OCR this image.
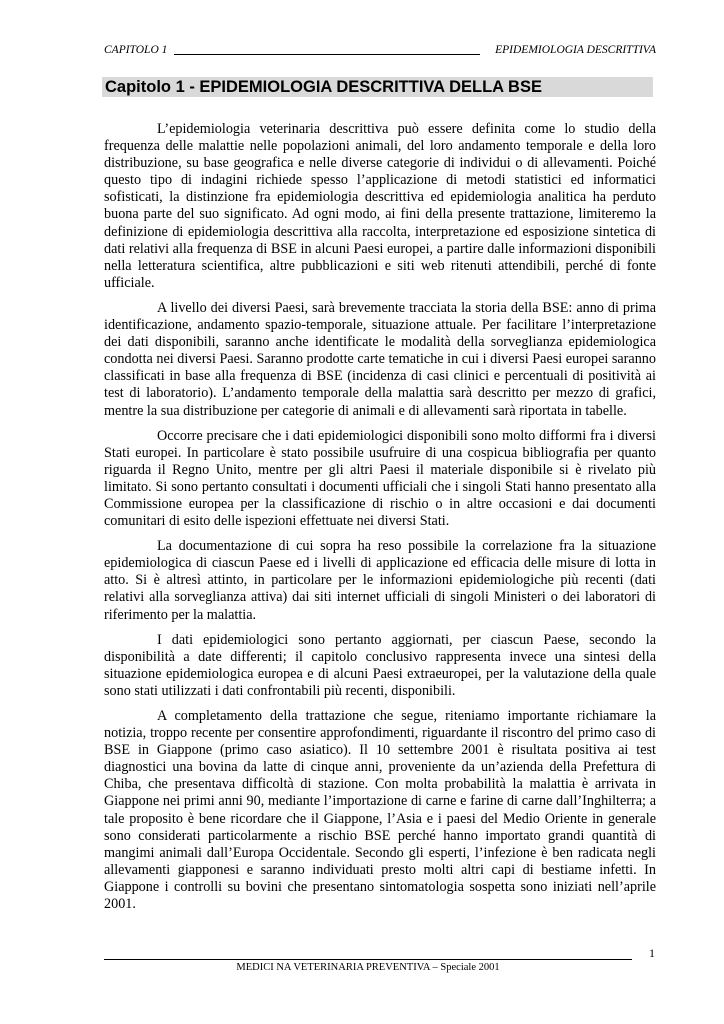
CAPITOLO 1	EPIDEMIOLOGIA DESCRITTIVA
Capitolo 1 - EPIDEMIOLOGIA DESCRITTIVA DELLA BSE

L’epidemiologia veterinaria descrittiva può essere definita come lo studio della frequenza delle malattie nelle popolazioni animali, del loro andamento temporale e della loro distribuzione, su base geografica e nelle diverse categorie di individui o di allevamenti. Poiché questo tipo di indagini richiede spesso l’applicazione di metodi statistici ed informatici sofisticati, la distinzione fra epidemiologia descrittiva ed epidemiologia analitica ha perduto buona parte del suo significato. Ad ogni modo, ai fini della presente trattazione, limiteremo la definizione di epidemiologia descrittiva alla raccolta, interpretazione ed esposizione sintetica di dati relativi alla frequenza di BSE in alcuni Paesi europei, a partire dalle informazioni disponibili nella letteratura scientifica, altre pubblicazioni e siti web ritenuti attendibili, perché di fonte ufficiale.

A livello dei diversi Paesi, sarà brevemente tracciata la storia della BSE: anno di prima identificazione, andamento spazio-temporale, situazione attuale. Per facilitare l’interpretazione dei dati disponibili, saranno anche identificate le modalità della sorveglianza epidemiologica condotta nei diversi Paesi. Saranno prodotte carte tematiche in cui i diversi Paesi europei saranno classificati in base alla frequenza di BSE (incidenza di casi clinici e percentuali di positività ai test di laboratorio). L’andamento temporale della malattia sarà descritto per mezzo di grafici, mentre la sua distribuzione per categorie di animali e di allevamenti sarà riportata in tabelle.

Occorre precisare che i dati epidemiologici disponibili sono molto difformi fra i diversi Stati europei. In particolare è stato possibile usufruire di una cospicua bibliografia per quanto riguarda il Regno Unito, mentre per gli altri Paesi il materiale disponibile si è rivelato più limitato. Si sono pertanto consultati i documenti ufficiali che i singoli Stati hanno presentato alla Commissione europea per la classificazione di rischio o in altre occasioni e dai documenti comunitari di esito delle ispezioni effettuate nei diversi Stati.

La documentazione di cui sopra ha reso possibile la correlazione fra la situazione epidemiologica di ciascun Paese ed i livelli di applicazione ed efficacia delle misure di lotta in atto. Si è altresì attinto, in particolare per le informazioni epidemiologiche più recenti (dati relativi alla sorveglianza attiva) dai siti internet ufficiali di singoli Ministeri o dei laboratori di riferimento per la malattia.

I dati epidemiologici sono pertanto aggiornati, per ciascun Paese, secondo la disponibilità a date differenti; il capitolo conclusivo rappresenta invece una sintesi della situazione epidemiologica europea e di alcuni Paesi extraeuropei, per la valutazione della quale sono stati utilizzati i dati confrontabili più recenti, disponibili.

A completamento della trattazione che segue, riteniamo importante richiamare la notizia, troppo recente per consentire approfondimenti, riguardante il riscontro del primo caso di BSE in Giappone (primo caso asiatico). Il 10 settembre 2001 è risultata positiva ai test diagnostici una bovina da latte di cinque anni, proveniente da un’azienda della Prefettura di Chiba, che presentava difficoltà di stazione. Con molta probabilità la malattia è arrivata in Giappone nei primi anni 90, mediante l’importazione di carne e farine di carne dall’Inghilterra; a tale proposito è bene ricordare che il Giappone, l’Asia e i paesi del Medio Oriente in generale sono considerati particolarmente a rischio BSE perché hanno importato grandi quantità di mangimi animali dall’Europa Occidentale. Secondo gli esperti, l’infezione è ben radicata negli allevamenti giapponesi e saranno individuati presto molti altri capi di bestiame infetti. In Giappone i controlli su bovini che presentano sintomatologia sospetta sono iniziati nell’aprile 2001.

1
MEDICI NA VETERINARIA PREVENTIVA – Speciale 2001
